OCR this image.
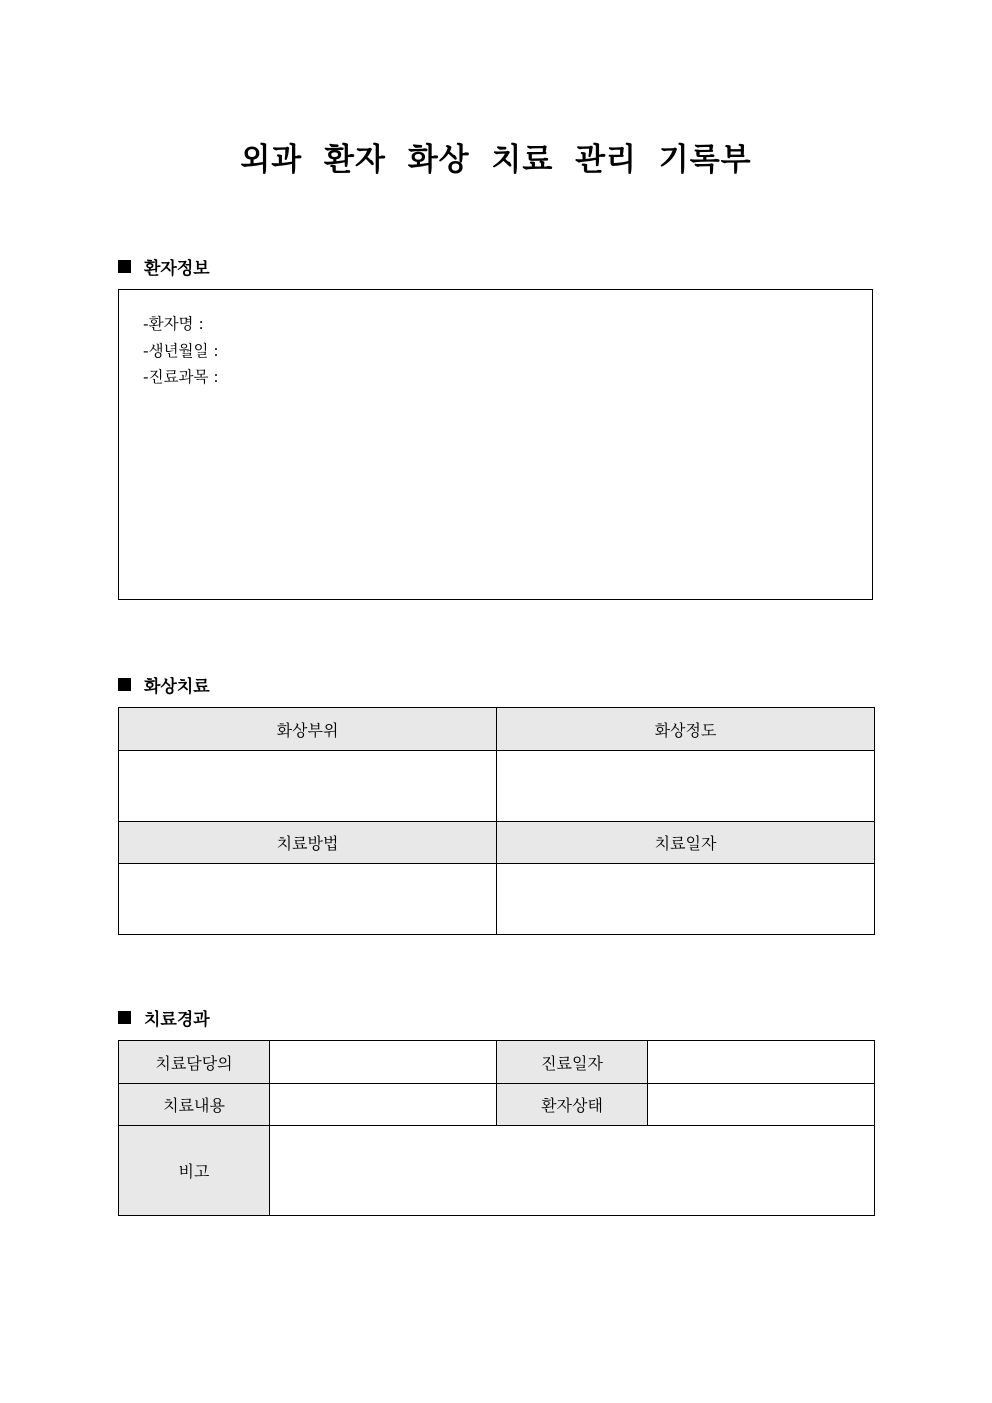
외과 환자 화상 치료 관리 기록부
환자정보
-환자명 :
-생년월일 :
-진료과목 :
화상치료
화상부위	화상정도

치료방법	치료일자

치료경과
치료담당의		진료일자	
치료내용		환자상태	
비고			
